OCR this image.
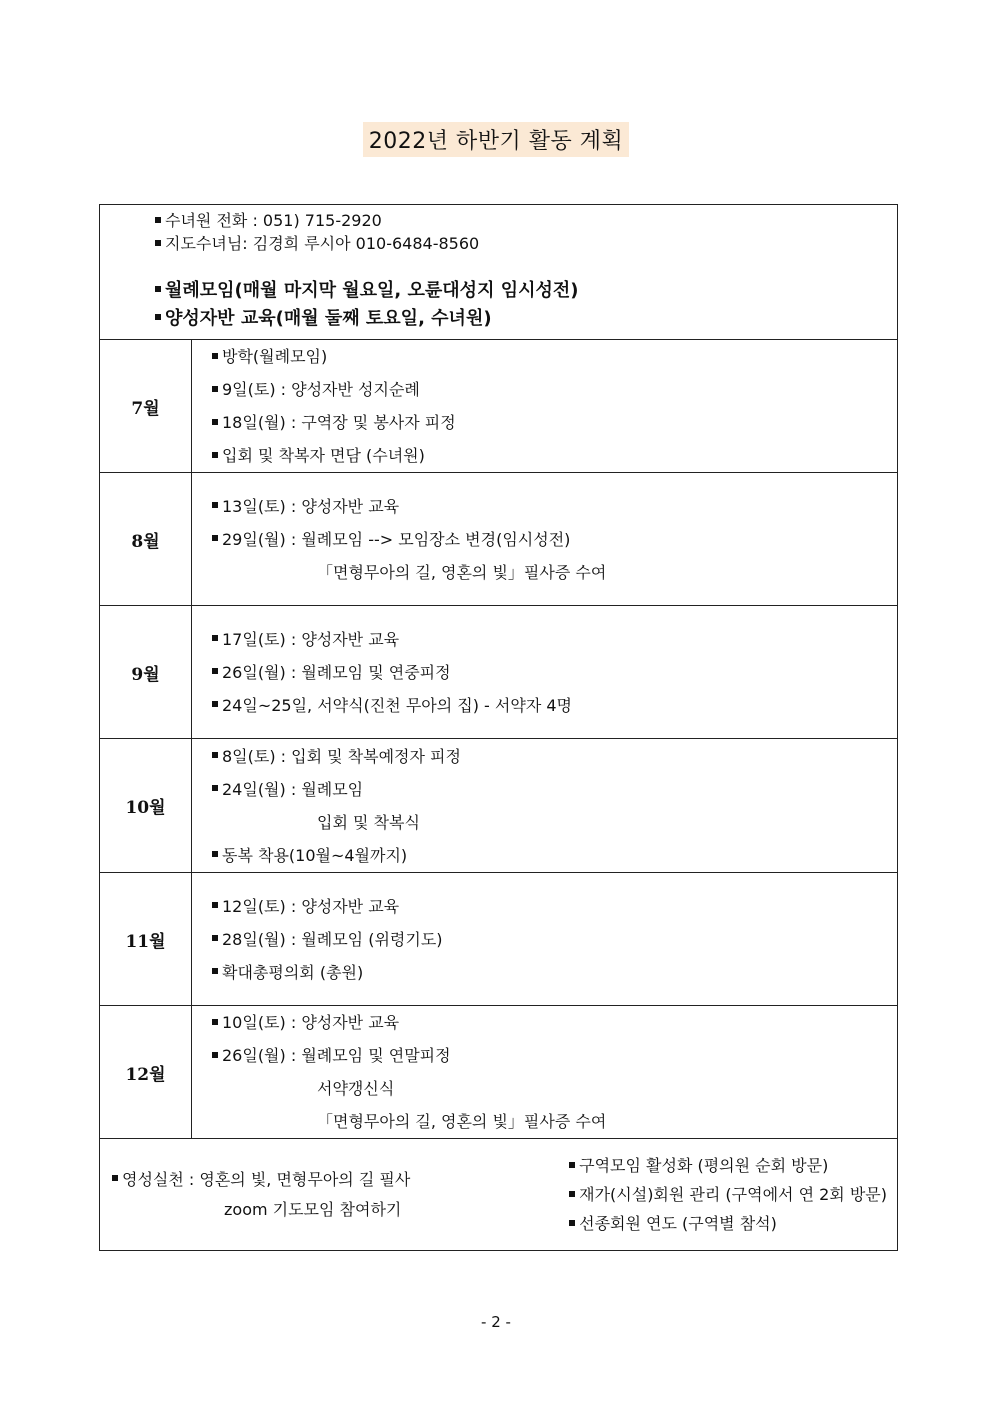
2022년 하반기 활동 계획
수녀원 전화 : 051) 715-2920
지도수녀님: 김경희 루시아 010-6484-8560
월례모임(매월 마지막 월요일, 오륜대성지 임시성전)
양성자반 교육(매월 둘째 토요일, 수녀원)	

7월	방학(월례모임)
9일(토) : 양성자반 성지순례
18일(월) : 구역장 및 봉사자 피정
입회 및 착복자 면담 (수녀원)

8월	13일(토) : 양성자반 교육
29일(월) : 월례모임 --> 모임장소 변경(임시성전)
「면형무아의 길, 영혼의 빛」필사증 수여

9월	17일(토) : 양성자반 교육
26일(월) : 월례모임 및 연중피정
24일~25일, 서약식(진천 무아의 집) - 서약자 4명

10월	8일(토) : 입회 및 착복예정자 피정
24일(월) : 월례모임
입회 및 착복식
동복 착용(10월~4월까지)

11월	12일(토) : 양성자반 교육
28일(월) : 월례모임 (위령기도)
확대총평의회 (총원)

12월	10일(토) : 양성자반 교육
26일(월) : 월례모임 및 연말피정
서약갱신식
「면형무아의 길, 영혼의 빛」필사증 수여

영성실천 : 영혼의 빛, 면형무아의 길 필사
zoom 기도모임 참여하기
구역모임 활성화 (평의원 순회 방문)
재가(시설)회원 관리 (구역에서 연 2회 방문)
선종회원 연도 (구역별 참석)	
- 2 -
